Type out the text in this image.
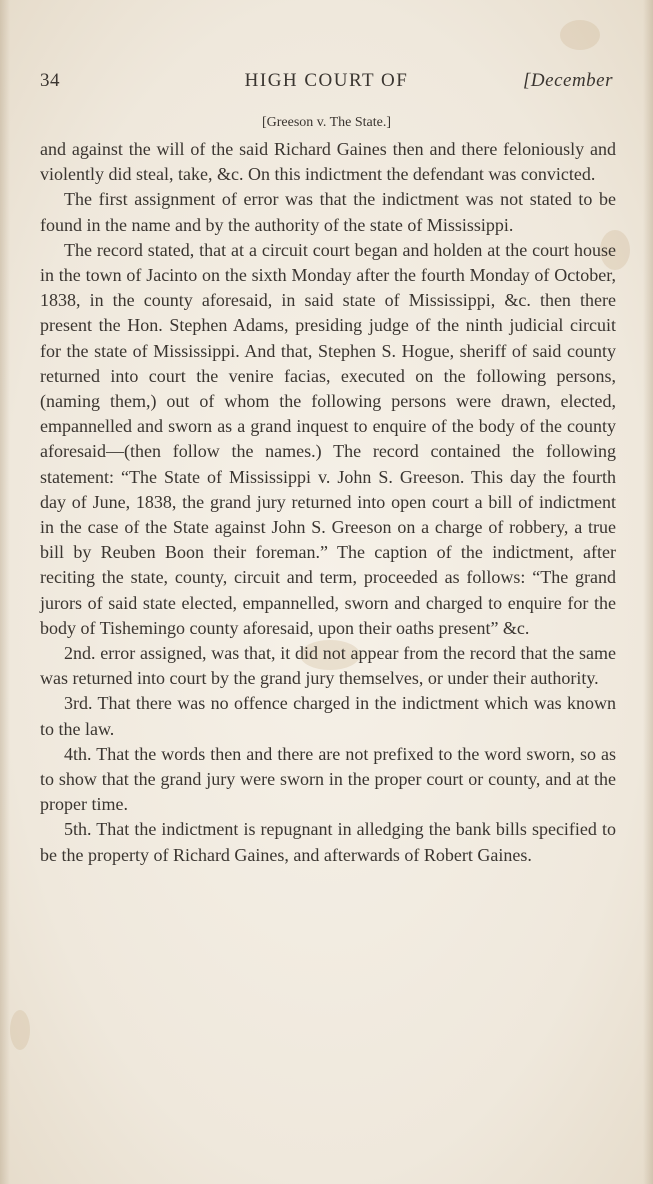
34	HIGH COURT OF	[December
[Greeson v. The State.]

and against the will of the said Richard Gaines then and there feloniously and violently did steal, take, &c. On this indictment the defendant was convicted.

The first assignment of error was that the indictment was not stated to be found in the name and by the authority of the state of Mississippi.

The record stated, that at a circuit court began and holden at the court house in the town of Jacinto on the sixth Monday after the fourth Monday of October, 1838, in the county aforesaid, in said state of Mississippi, &c. then there present the Hon. Stephen Adams, presiding judge of the ninth judicial circuit for the state of Mississippi. And that, Stephen S. Hogue, sheriff of said county returned into court the venire facias, executed on the following persons, (naming them,) out of whom the following persons were drawn, elected, empannelled and sworn as a grand inquest to enquire of the body of the county aforesaid—(then follow the names.) The record contained the following statement: “The State of Mississippi v. John S. Greeson. This day the fourth day of June, 1838, the grand jury returned into open court a bill of indictment in the case of the State against John S. Greeson on a charge of robbery, a true bill by Reuben Boon their foreman.” The caption of the indictment, after reciting the state, county, circuit and term, proceeded as follows: “The grand jurors of said state elected, empannelled, sworn and charged to enquire for the body of Tishemingo county aforesaid, upon their oaths present” &c.

2nd. error assigned, was that, it did not appear from the record that the same was returned into court by the grand jury themselves, or under their authority.

3rd. That there was no offence charged in the indictment which was known to the law.

4th. That the words then and there are not prefixed to the word sworn, so as to show that the grand jury were sworn in the proper court or county, and at the proper time.

5th. That the indictment is repugnant in alledging the bank bills specified to be the property of Richard Gaines, and afterwards of Robert Gaines.
